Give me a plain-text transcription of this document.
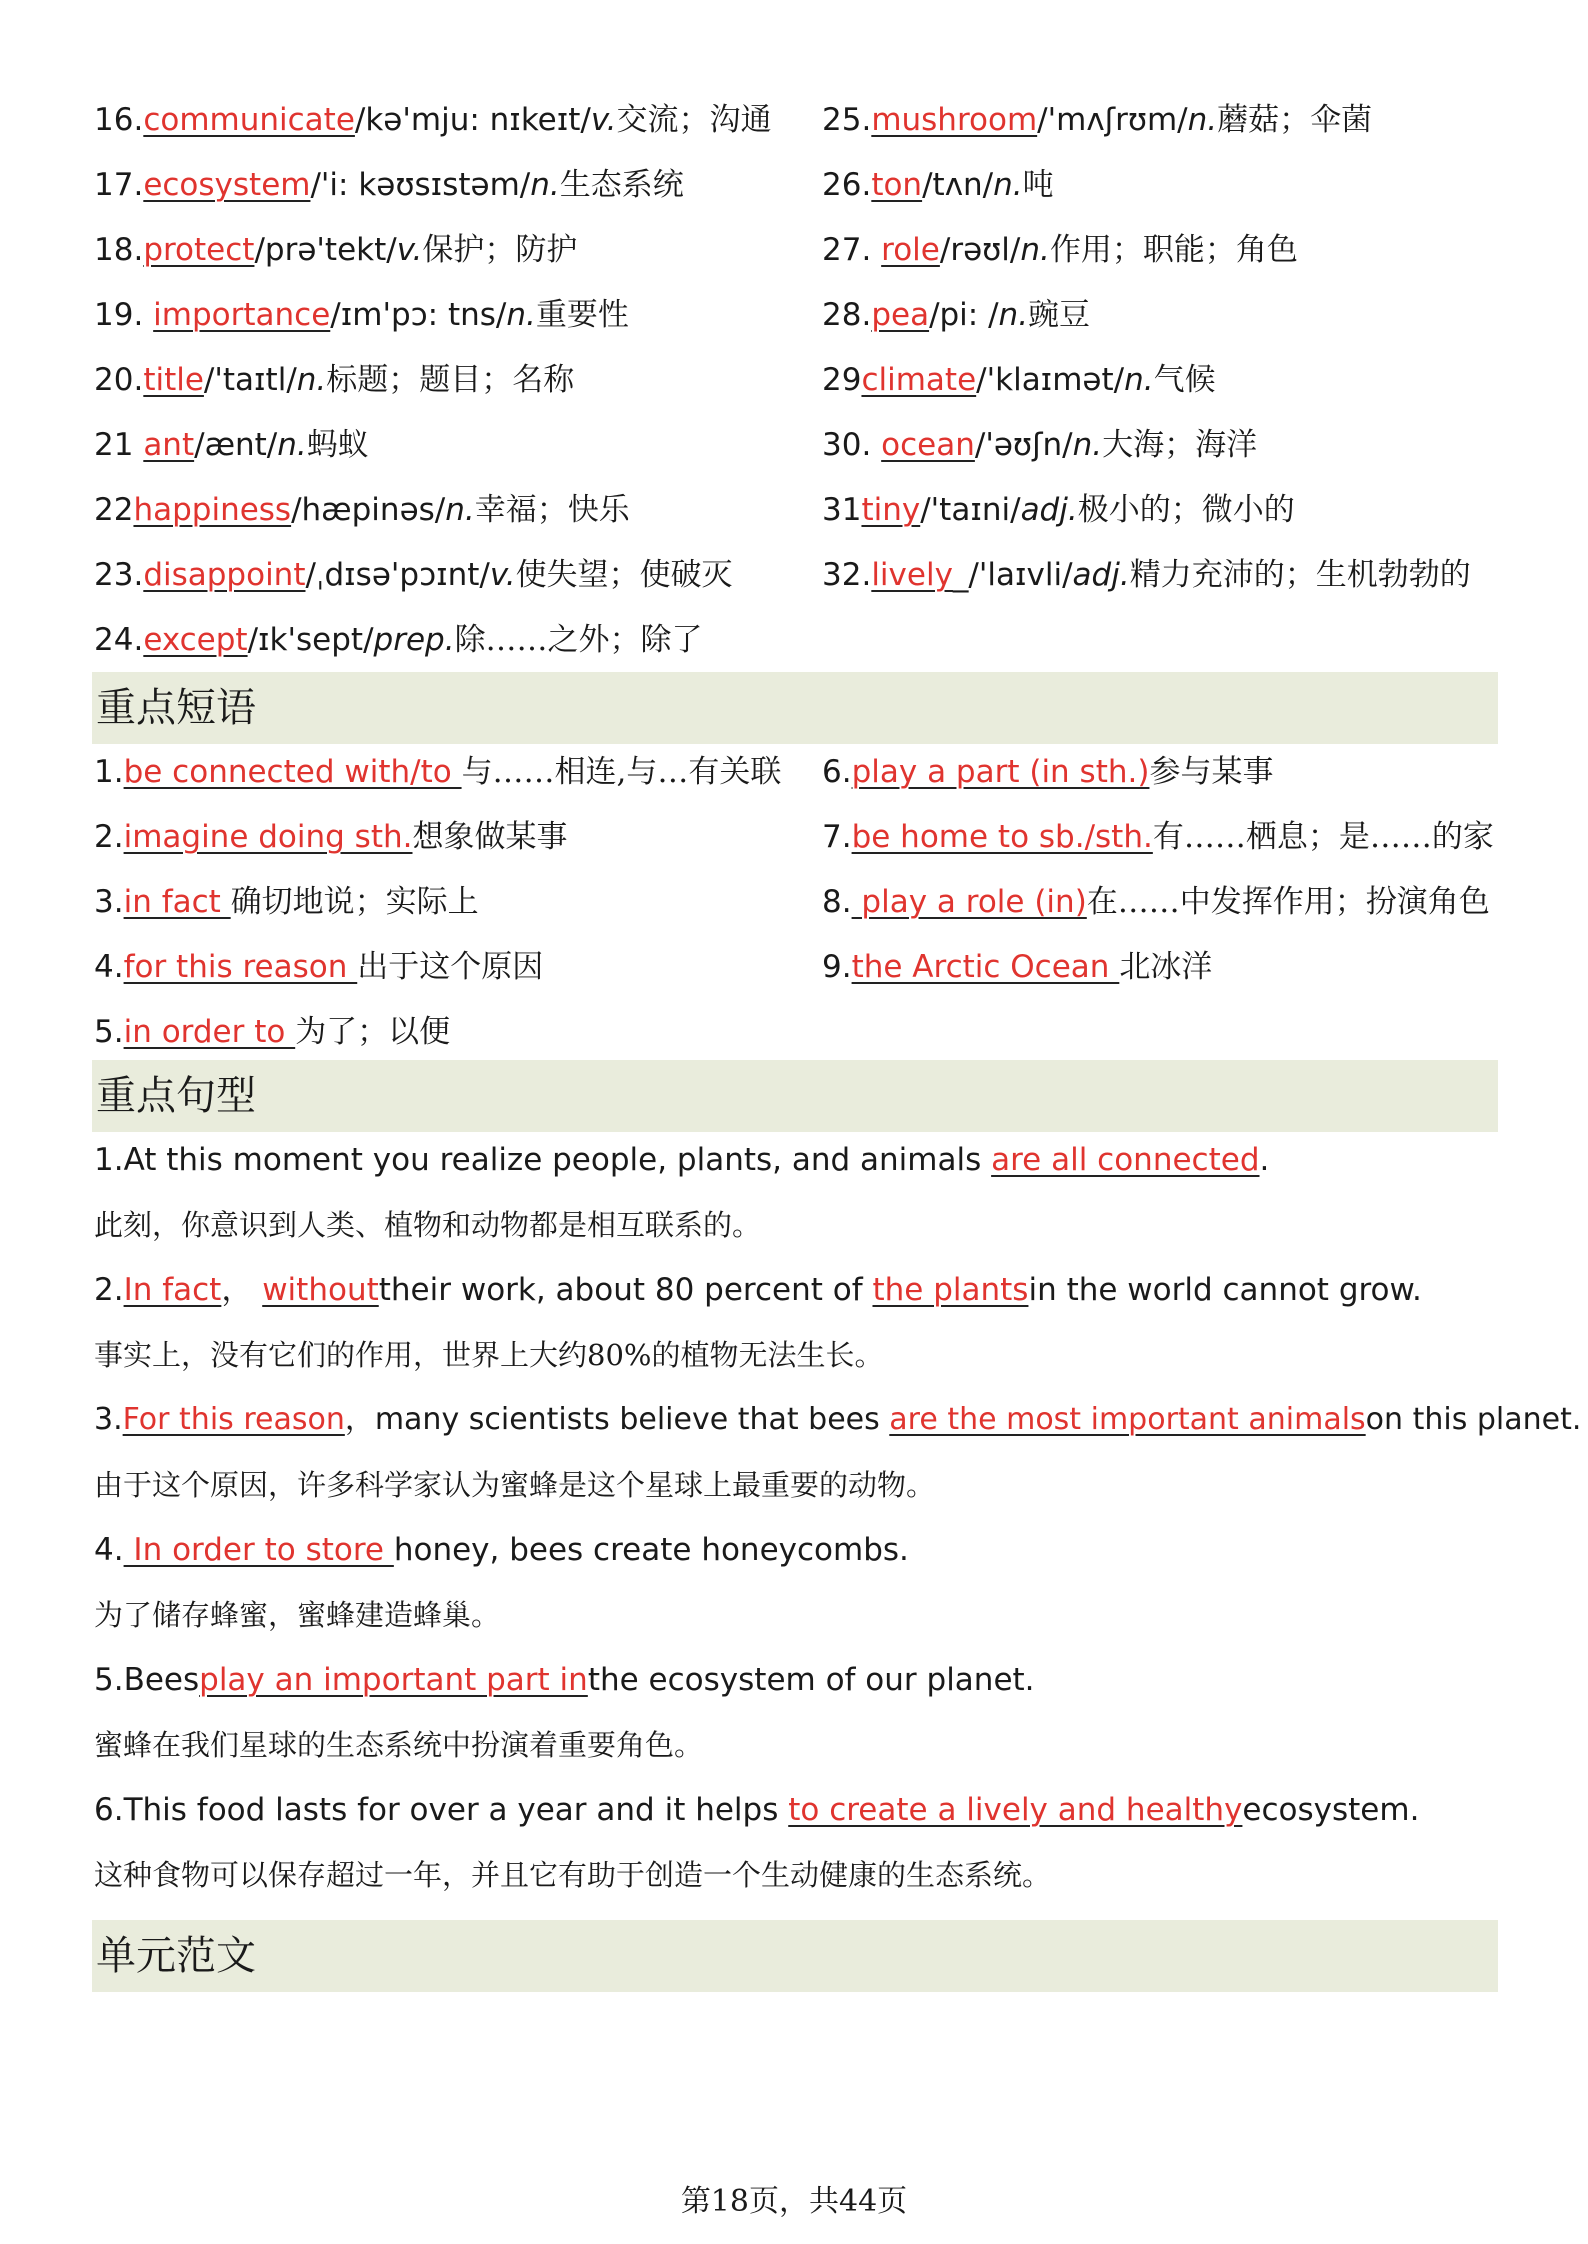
16.communicate/kə'mju: nɪkeɪt/v.交流；沟通
17.ecosystem/'i: kəʊsɪstəm/n.生态系统
18.protect/prə'tekt/v.保护；防护
19. importance/ɪm'pɔ: tns/n.重要性
20.title/'taɪtl/n.标题；题目；名称
21 ant/ænt/n.蚂蚁
22happiness/hæpinəs/n.幸福；快乐
23.disappoint/ˌdɪsə'pɔɪnt/v.使失望；使破灭
24.except/ɪk'sept/prep.除……之外；除了
25.mushroom/'mʌʃrʊm/n.蘑菇；伞菌
26.ton/tʌn/n.吨
27. role/rəʊl/n.作用；职能；角色
28.pea/pi: /n.豌豆
29climate/'klaɪmət/n.气候
30. ocean/'əʊʃn/n.大海；海洋
31tiny/'taɪni/adj.极小的；微小的
32.lively_/'laɪvli/adj.精力充沛的；生机勃勃的
重点短语
1.be connected with/to 与……相连,与…有关联
2.imagine doing sth.想象做某事
3.in fact 确切地说；实际上
4.for this reason 出于这个原因
5.in order to 为了；以便
6.play a part (in sth.)参与某事
7.be home to sb./sth.有……栖息；是……的家
8. play a role (in)在……中发挥作用；扮演角色
9.the Arctic Ocean 北冰洋
重点句型
1.At this moment you realize people, plants, and animals are all connected.
此刻，你意识到人类、植物和动物都是相互联系的。
2.In fact， withouttheir work, about 80 percent of the plantsin the world cannot grow.
事实上，没有它们的作用，世界上大约80%的植物无法生长。
3.For this reason，many scientists believe that bees are the most important animalson this planet.
由于这个原因，许多科学家认为蜜蜂是这个星球上最重要的动物。
4. In order to store honey, bees create honeycombs.
为了储存蜂蜜，蜜蜂建造蜂巢。
5.Beesplay an important part inthe ecosystem of our planet.
蜜蜂在我们星球的生态系统中扮演着重要角色。
6.This food lasts for over a year and it helps to create a lively and healthyecosystem.
这种食物可以保存超过一年，并且它有助于创造一个生动健康的生态系统。
单元范文
第18页，共44页
